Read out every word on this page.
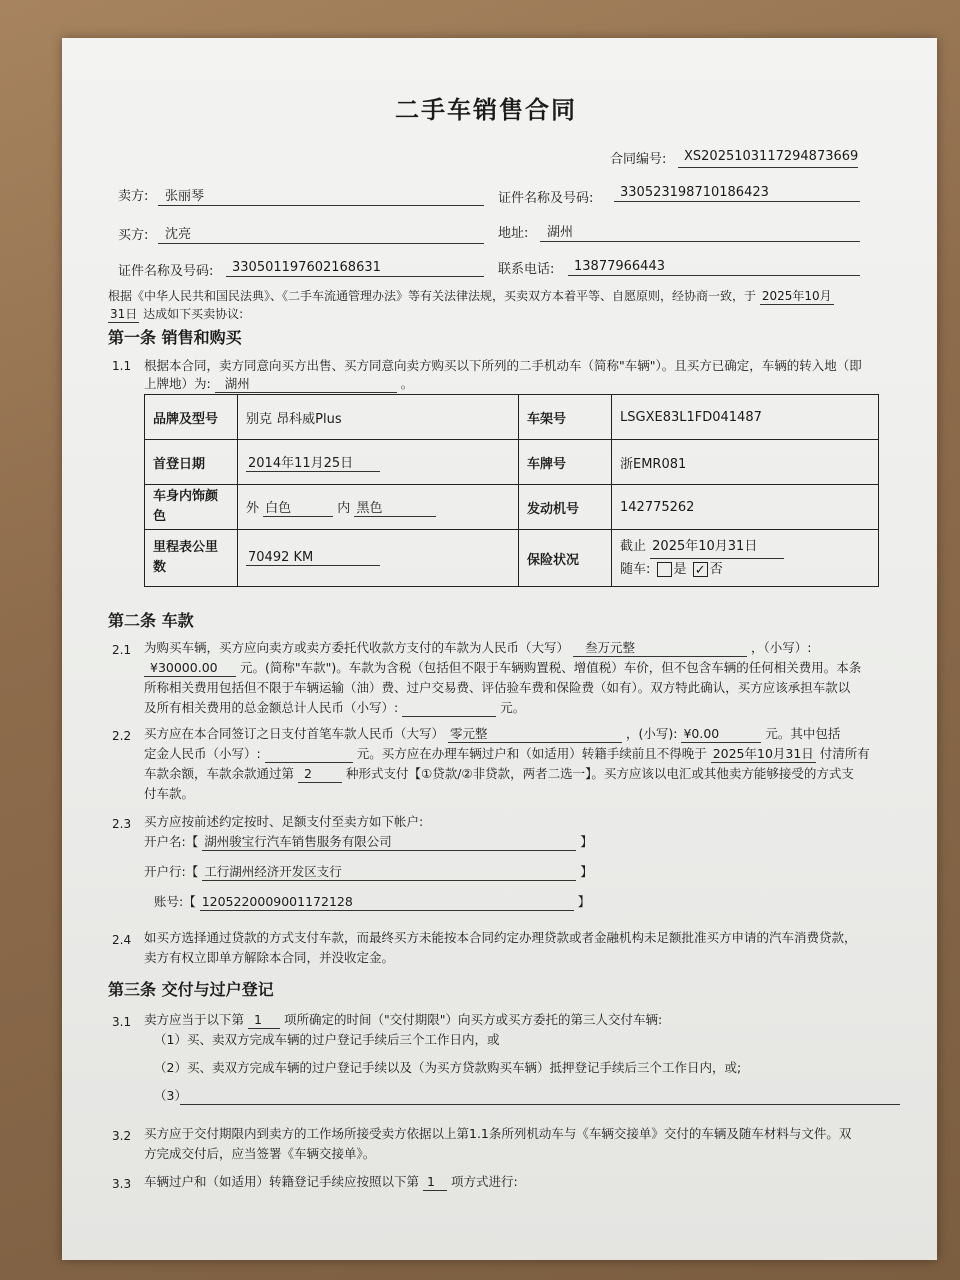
二手车销售合同
合同编号: XS2025103117294873669
卖方: 张丽琴	证件名称及号码: 330523198710186423
买方: 沈亮	地址: 湖州
证件名称及号码: 330501197602168631	联系电话: 13877966443
根据《中华人民共和国民法典》、《二手车流通管理办法》等有关法律法规，买卖双方本着平等、自愿原则，经协商一致，于 2025年10月
31日 达成如下买卖协议:
第一条 销售和购买
1.1 根据本合同，卖方同意向买方出售、买方同意向卖方购买以下所列的二手机动车（简称"车辆"）。且买方已确定，车辆的转入地（即
上牌地）为: 湖州	。
品牌及型号	别克 昂科威Plus	车架号	LSGXE83L1FD041487
首登日期	2014年11月25日	车牌号	浙EMR081
车身内饰颜色	外 白色 内 黑色	发动机号	142775262
里程表公里数	70492 KM	保险状况	截止 2025年10月31日
随车: 是 ✓ 否
第二条 车款
2.1 为购买车辆，买方应向卖方或卖方委托代收款方支付的车款为人民币（大写） 叁万元整	，（小写）:
¥30000.00 元。(简称"车款")。车款为含税（包括但不限于车辆购置税、增值税）车价，但不包含车辆的任何相关费用。本条
所称相关费用包括但不限于车辆运输（油）费、过户交易费、评估验车费和保险费（如有）。双方特此确认，买方应该承担车款以
及所有相关费用的总金额总计人民币（小写）:	元。
2.2 买方应在本合同签订之日支付首笔车款人民币（大写） 零元整	，(小写): ¥0.00	元。其中包括
定金人民币（小写）:	元。买方应在办理车辆过户和（如适用）转籍手续前且不得晚于 2025年10月31日 付清所有
车款余额，车款余款通过第 2	种形式支付【①贷款/②非贷款，两者二选一】。买方应该以电汇或其他卖方能够接受的方式支
付车款。
2.3 买方应按前述约定按时、足额支付至卖方如下帐户:
开户名:【 湖州骏宝行汽车销售服务有限公司	】
开户行:【 工行湖州经济开发区支行	】
账号:【 1205220009001172128	】
2.4 如买方选择通过贷款的方式支付车款，而最终买方未能按本合同约定办理贷款或者金融机构未足额批准买方申请的汽车消费贷款，
卖方有权立即单方解除本合同，并没收定金。
第三条 交付与过户登记
3.1 卖方应当于以下第 1 项所确定的时间（"交付期限"）向买方或买方委托的第三人交付车辆:
（1）买、卖双方完成车辆的过户登记手续后三个工作日内，或
（2）买、卖双方完成车辆的过户登记手续以及（为买方贷款购买车辆）抵押登记手续后三个工作日内，或;
（3）
3.2 买方应于交付期限内到卖方的工作场所接受卖方依据以上第1.1条所列机动车与《车辆交接单》交付的车辆及随车材料与文件。双
方完成交付后，应当签署《车辆交接单》。
3.3 车辆过户和（如适用）转籍登记手续应按照以下第 1 项方式进行:
